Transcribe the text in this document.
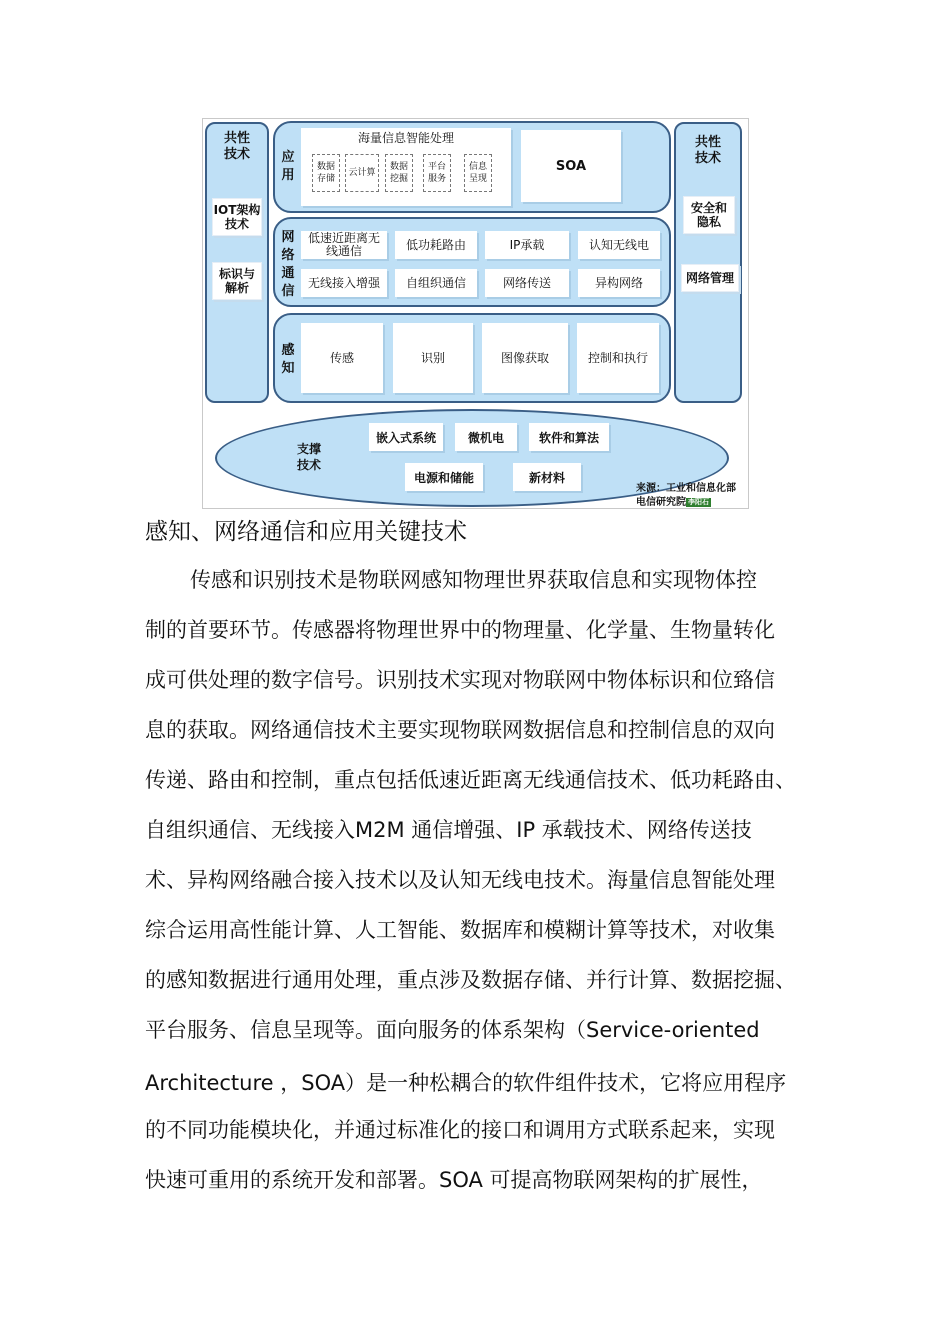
共性
技术
IOT架构
技术
标识与
解析
共性
技术
安全和
隐私
网络管理
应
用
海量信息智能处理
数据
存储
云计算
数据
挖掘
平台
服务
信息
呈现
SOA
网
络
通
信
低速近距离无
线通信	低功耗路由	IP承载	认知无线电
无线接入增强	自组织通信	网络传送	异构网络
感
知
传感	识别	图像获取	控制和执行
支撑
技术
嵌入式系统	微机电	软件和算法
电源和储能	新材料
来源：工业和信息化部
电信研究院 李阳石
感知、网络通信和应用关键技术
传感和识别技术是物联网感知物理世界获取信息和实现物体控
制的首要环节。传感器将物理世界中的物理量、化学量、生物量转化
成可供处理的数字信号。识别技术实现对物联网中物体标识和位臵信
息的获取。网络通信技术主要实现物联网数据信息和控制信息的双向
传递、路由和控制，重点包括低速近距离无线通信技术、低功耗路由、
自组织通信、无线接入M2M 通信增强、IP 承载技术、网络传送技
术、异构网络融合接入技术以及认知无线电技术。海量信息智能处理
综合运用高性能计算、人工智能、数据库和模糊计算等技术，对收集
的感知数据进行通用处理，重点涉及数据存储、并行计算、数据挖掘、
平台服务、信息呈现等。面向服务的体系架构（Service-oriented
Architecture ，SOA）是一种松耦合的软件组件技术，它将应用程序
的不同功能模块化，并通过标准化的接口和调用方式联系起来，实现
快速可重用的系统开发和部署。SOA 可提高物联网架构的扩展性，
